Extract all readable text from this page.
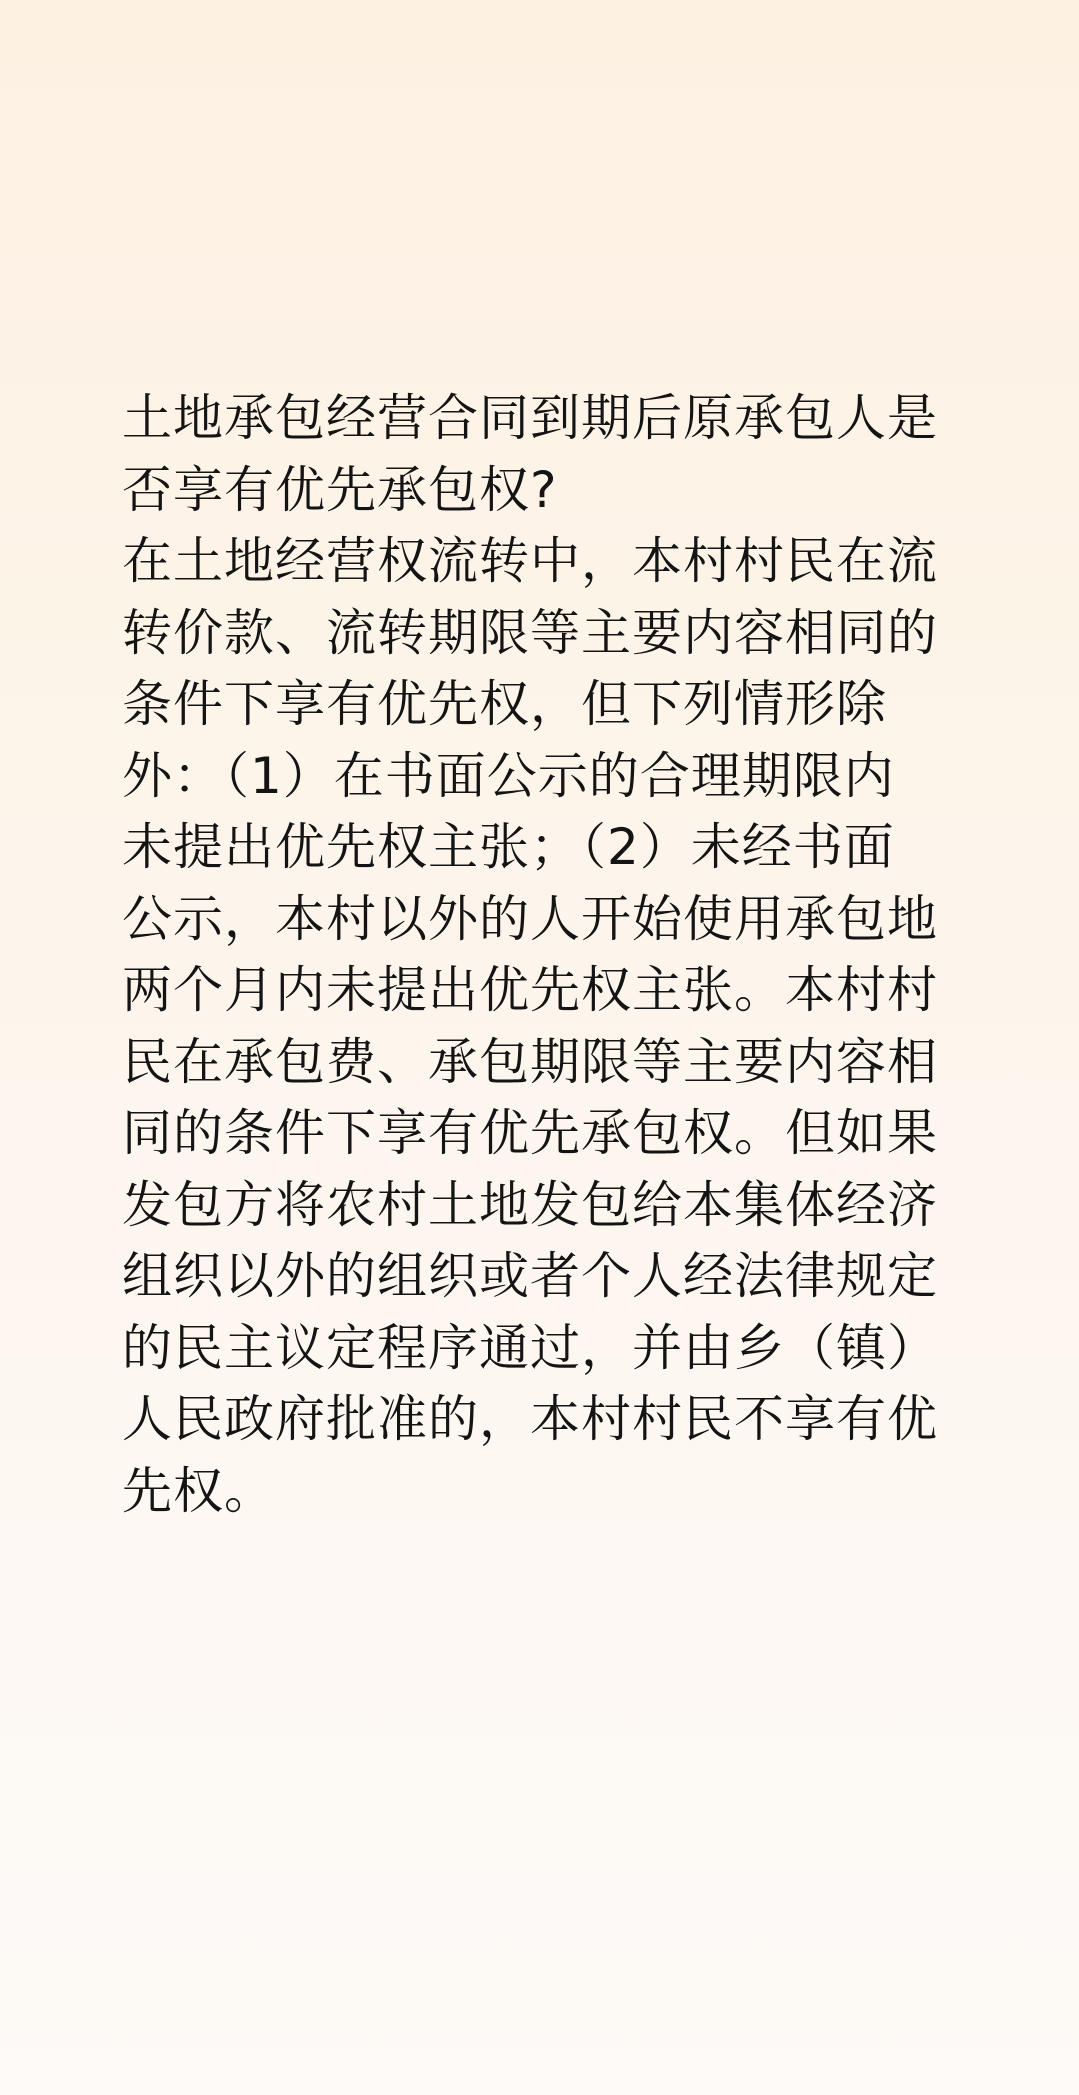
土地承包经营合同到期后原承包人是
否享有优先承包权?
在土地经营权流转中，本村村民在流
转价款、流转期限等主要内容相同的
条件下享有优先权，但下列情形除
外：（1）在书面公示的合理期限内
未提出优先权主张；（2）未经书面
公示，本村以外的人开始使用承包地
两个月内未提出优先权主张。本村村
民在承包费、承包期限等主要内容相
同的条件下享有优先承包权。但如果
发包方将农村土地发包给本集体经济
组织以外的组织或者个人经法律规定
的民主议定程序通过，并由乡（镇）
人民政府批准的，本村村民不享有优
先权。
